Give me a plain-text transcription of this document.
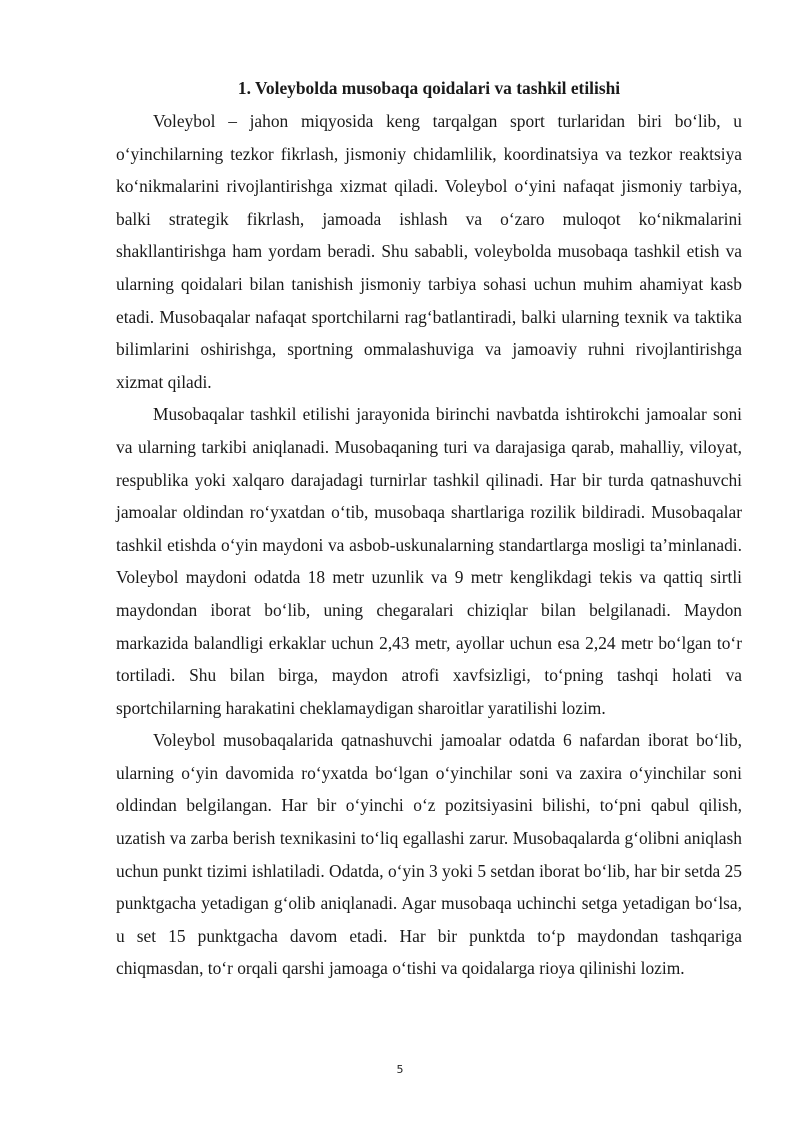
1. Voleybolda musobaqa qoidalari va tashkil etilishi

Voleybol – jahon miqyosida keng tarqalgan sport turlaridan biri bo‘lib, u o‘yinchilarning tezkor fikrlash, jismoniy chidamlilik, koordinatsiya va tezkor reaktsiya ko‘nikmalarini rivojlantirishga xizmat qiladi. Voleybol o‘yini nafaqat jismoniy tarbiya, balki strategik fikrlash, jamoada ishlash va o‘zaro muloqot ko‘nikmalarini shakllantirishga ham yordam beradi. Shu sababli, voleybolda musobaqa tashkil etish va ularning qoidalari bilan tanishish jismoniy tarbiya sohasi uchun muhim ahamiyat kasb etadi. Musobaqalar nafaqat sportchilarni rag‘batlantiradi, balki ularning texnik va taktika bilimlarini oshirishga, sportning ommalashuviga va jamoaviy ruhni rivojlantirishga xizmat qiladi.

Musobaqalar tashkil etilishi jarayonida birinchi navbatda ishtirokchi jamoalar soni va ularning tarkibi aniqlanadi. Musobaqaning turi va darajasiga qarab, mahalliy, viloyat, respublika yoki xalqaro darajadagi turnirlar tashkil qilinadi. Har bir turda qatnashuvchi jamoalar oldindan ro‘yxatdan o‘tib, musobaqa shartlariga rozilik bildiradi. Musobaqalar tashkil etishda o‘yin maydoni va asbob-uskunalarning standartlarga mosligi ta’minlanadi. Voleybol maydoni odatda 18 metr uzunlik va 9 metr kenglikdagi tekis va qattiq sirtli maydondan iborat bo‘lib, uning chegaralari chiziqlar bilan belgilanadi. Maydon markazida balandligi erkaklar uchun 2,43 metr, ayollar uchun esa 2,24 metr bo‘lgan to‘r tortiladi. Shu bilan birga, maydon atrofi xavfsizligi, to‘pning tashqi holati va sportchilarning harakatini cheklamaydigan sharoitlar yaratilishi lozim.

Voleybol musobaqalarida qatnashuvchi jamoalar odatda 6 nafardan iborat bo‘lib, ularning o‘yin davomida ro‘yxatda bo‘lgan o‘yinchilar soni va zaxira o‘yinchilar soni oldindan belgilangan. Har bir o‘yinchi o‘z pozitsiyasini bilishi, to‘pni qabul qilish, uzatish va zarba berish texnikasini to‘liq egallashi zarur. Musobaqalarda g‘olibni aniqlash uchun punkt tizimi ishlatiladi. Odatda, o‘yin 3 yoki 5 setdan iborat bo‘lib, har bir setda 25 punktgacha yetadigan g‘olib aniqlanadi. Agar musobaqa uchinchi setga yetadigan bo‘lsa, u set 15 punktgacha davom etadi. Har bir punktda to‘p maydondan tashqariga chiqmasdan, to‘r orqali qarshi jamoaga o‘tishi va qoidalarga rioya qilinishi lozim.

5
